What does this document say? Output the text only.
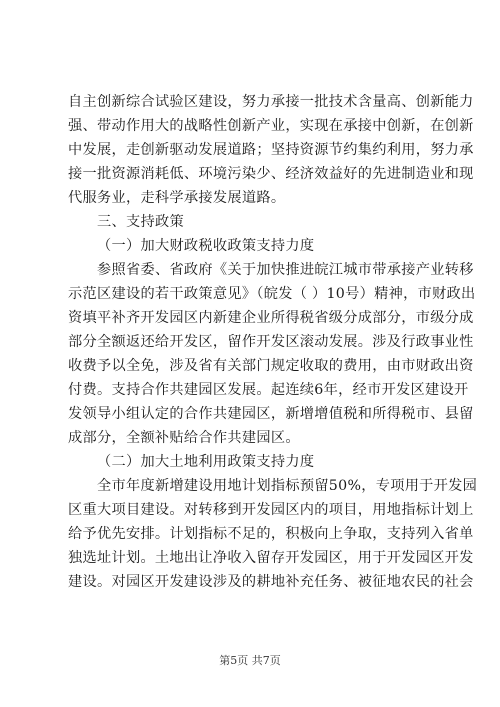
自主创新综合试验区建设，努力承接一批技术含量高、创新能力
强、带动作用大的战略性创新产业，实现在承接中创新，在创新
中发展，走创新驱动发展道路；坚持资源节约集约利用，努力承
接一批资源消耗低、环境污染少、经济效益好的先进制造业和现
代服务业，走科学承接发展道路。
三、支持政策
（一）加大财政税收政策支持力度
参照省委、省政府《关于加快推进皖江城市带承接产业转移
示范区建设的若干政策意见》（皖发（ ）10号）精神，市财政出
资填平补齐开发园区内新建企业所得税省级分成部分，市级分成
部分全额返还给开发区，留作开发区滚动发展。涉及行政事业性
收费予以全免，涉及省有关部门规定收取的费用，由市财政出资
付费。支持合作共建园区发展。起连续6年，经市开发区建设开
发领导小组认定的合作共建园区，新增增值税和所得税市、县留
成部分，全额补贴给合作共建园区。
（二）加大土地利用政策支持力度
全市年度新增建设用地计划指标预留50%，专项用于开发园
区重大项目建设。对转移到开发园区内的项目，用地指标计划上
给予优先安排。计划指标不足的，积极向上争取，支持列入省单
独选址计划。土地出让净收入留存开发园区，用于开发园区开发
建设。对园区开发建设涉及的耕地补充任务、被征地农民的社会
第5页 共7页
